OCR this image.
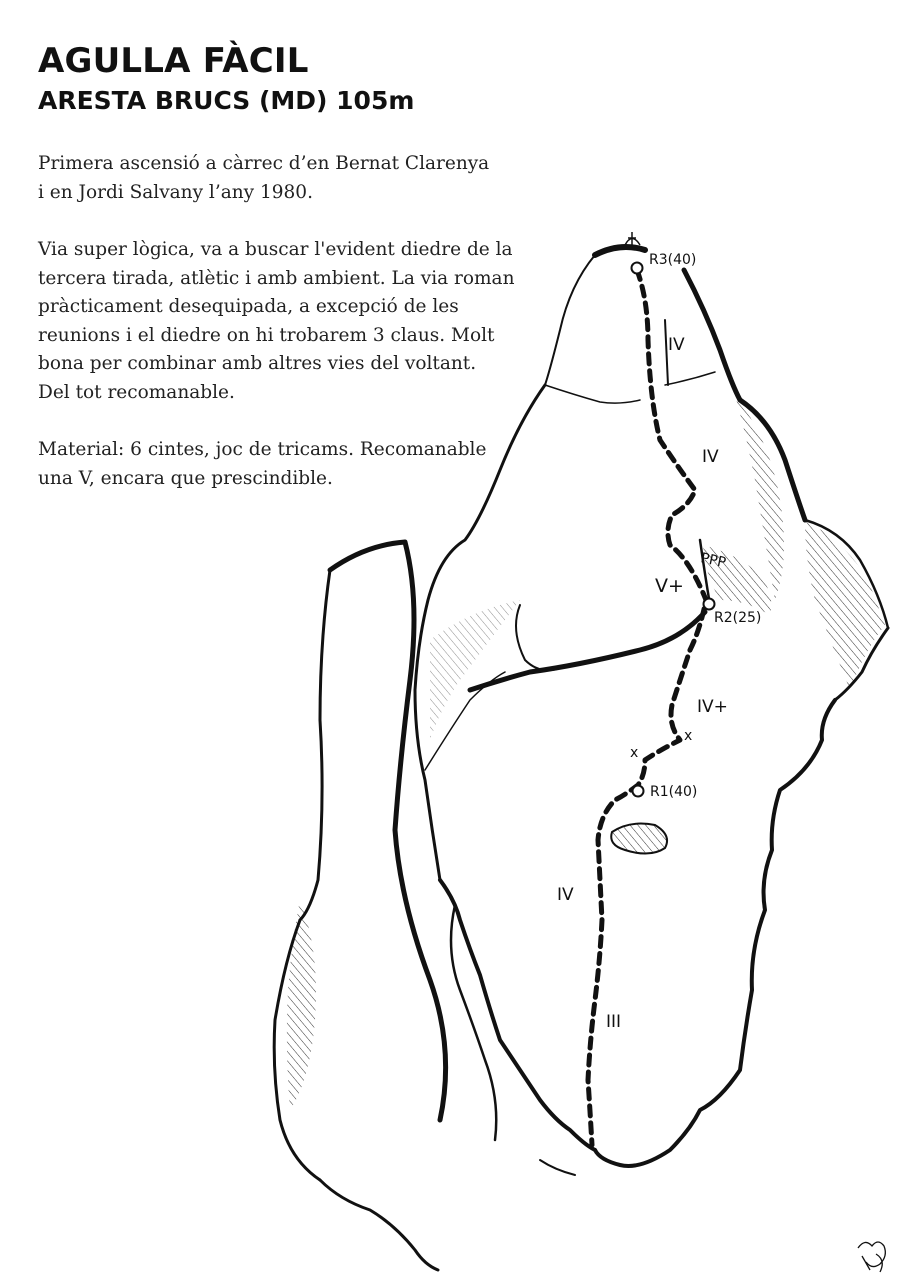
AGULLA FÀCIL
ARESTA BRUCS (MD) 105m
Primera ascensió a càrrec d’en Bernat Clarenya
i en Jordi Salvany l’any 1980.
Via super lògica, va a buscar l'evident diedre de la
tercera tirada, atlètic i amb ambient. La via roman
pràcticament desequipada, a excepció de les
reunions i el diedre on hi trobarem 3 claus. Molt
bona per combinar amb altres vies del voltant.
Del tot recomanable.
Material: 6 cintes, joc de tricams. Recomanable
una V, encara que prescindible.
R3(40)
R2(25)
R1(40)
IV
IV
V+
IV+
IV
III
PPP
x
x
